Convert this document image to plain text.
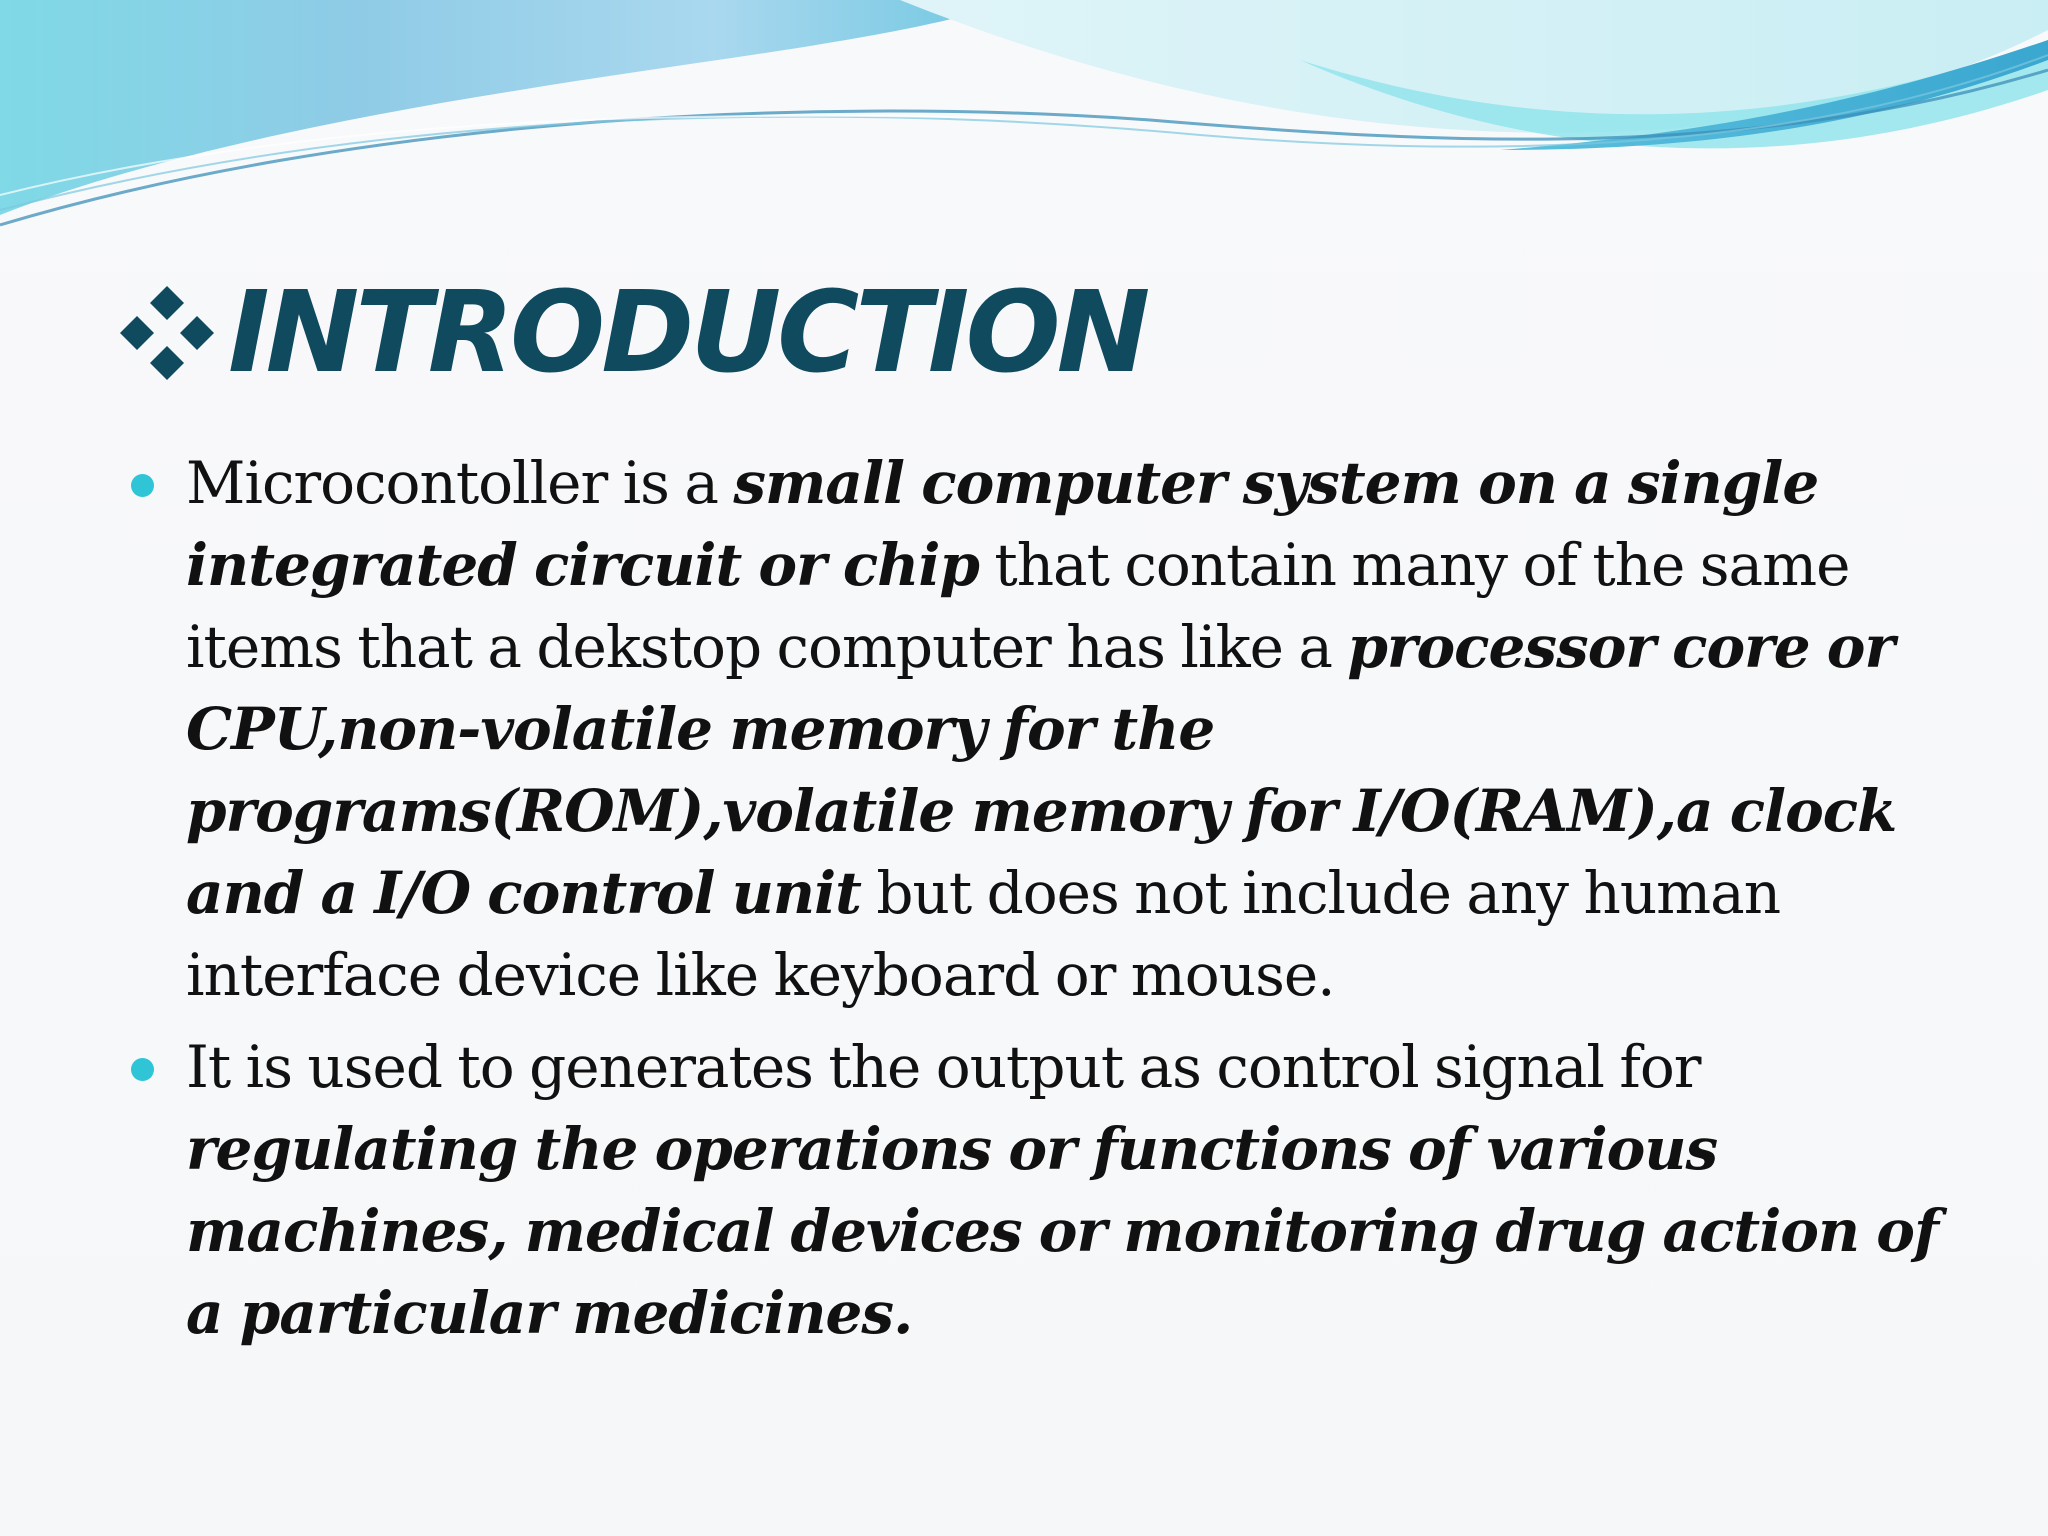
INTRODUCTION
Microcontoller is a small computer system on a single integrated circuit or chip that contain many of the same items that a dekstop computer has like a processor core or CPU,non-volatile memory for the programs(ROM),volatile memory for I/O(RAM),a clock and a I/O control unit but does not include any human interface device like keyboard or mouse.
It is used to generates the output as control signal for regulating the operations or functions of various machines, medical devices or monitoring drug action of a particular medicines.
